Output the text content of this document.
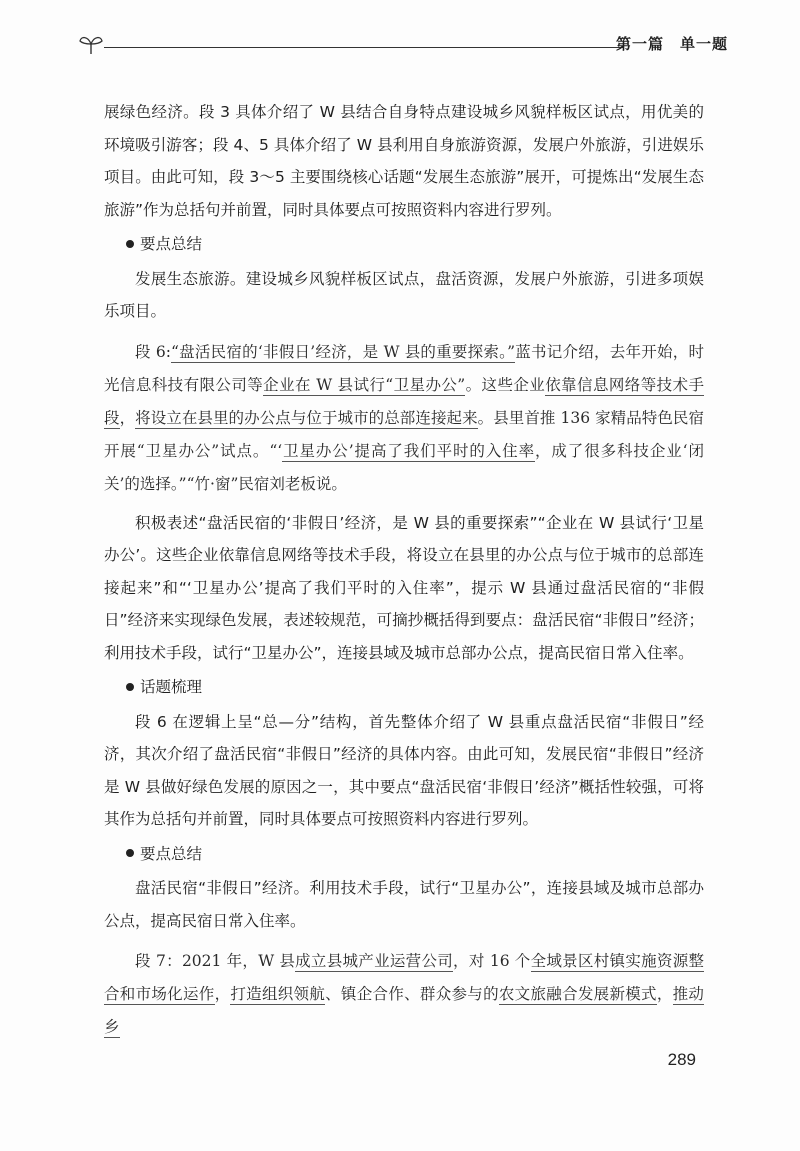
第一篇　单一题

展绿色经济。段 3 具体介绍了 W 县结合自身特点建设城乡风貌样板区试点，用优美的环境吸引游客；段 4、5 具体介绍了 W 县利用自身旅游资源，发展户外旅游，引进娱乐项目。由此可知，段 3～5 主要围绕核心话题“发展生态旅游”展开，可提炼出“发展生态旅游”作为总括句并前置，同时具体要点可按照资料内容进行罗列。

要点总结

发展生态旅游。建设城乡风貌样板区试点，盘活资源，发展户外旅游，引进多项娱乐项目。

段 6:“盘活民宿的‘非假日’经济，是 W 县的重要探索。”蓝书记介绍，去年开始，时光信息科技有限公司等企业在 W 县试行“卫星办公”。这些企业依靠信息网络等技术手段，将设立在县里的办公点与位于城市的总部连接起来。县里首推 136 家精品特色民宿开展“卫星办公”试点。“‘卫星办公’提高了我们平时的入住率，成了很多科技企业‘闭关’的选择。”“竹·窗”民宿刘老板说。

积极表述“盘活民宿的‘非假日’经济，是 W 县的重要探索”“企业在 W 县试行‘卫星办公’。这些企业依靠信息网络等技术手段，将设立在县里的办公点与位于城市的总部连接起来”和“‘卫星办公’提高了我们平时的入住率”，提示 W 县通过盘活民宿的“非假日”经济来实现绿色发展，表述较规范，可摘抄概括得到要点：盘活民宿“非假日”经济；利用技术手段，试行“卫星办公”，连接县域及城市总部办公点，提高民宿日常入住率。

话题梳理

段 6 在逻辑上呈“总—分”结构，首先整体介绍了 W 县重点盘活民宿“非假日”经济，其次介绍了盘活民宿“非假日”经济的具体内容。由此可知，发展民宿“非假日”经济是 W 县做好绿色发展的原因之一，其中要点“盘活民宿‘非假日’经济”概括性较强，可将其作为总括句并前置，同时具体要点可按照资料内容进行罗列。

要点总结

盘活民宿“非假日”经济。利用技术手段，试行“卫星办公”，连接县域及城市总部办公点，提高民宿日常入住率。

段 7：2021 年，W 县成立县城产业运营公司，对 16 个全域景区村镇实施资源整合和市场化运作，打造组织领航、镇企合作、群众参与的农文旅融合发展新模式，推动乡

289
